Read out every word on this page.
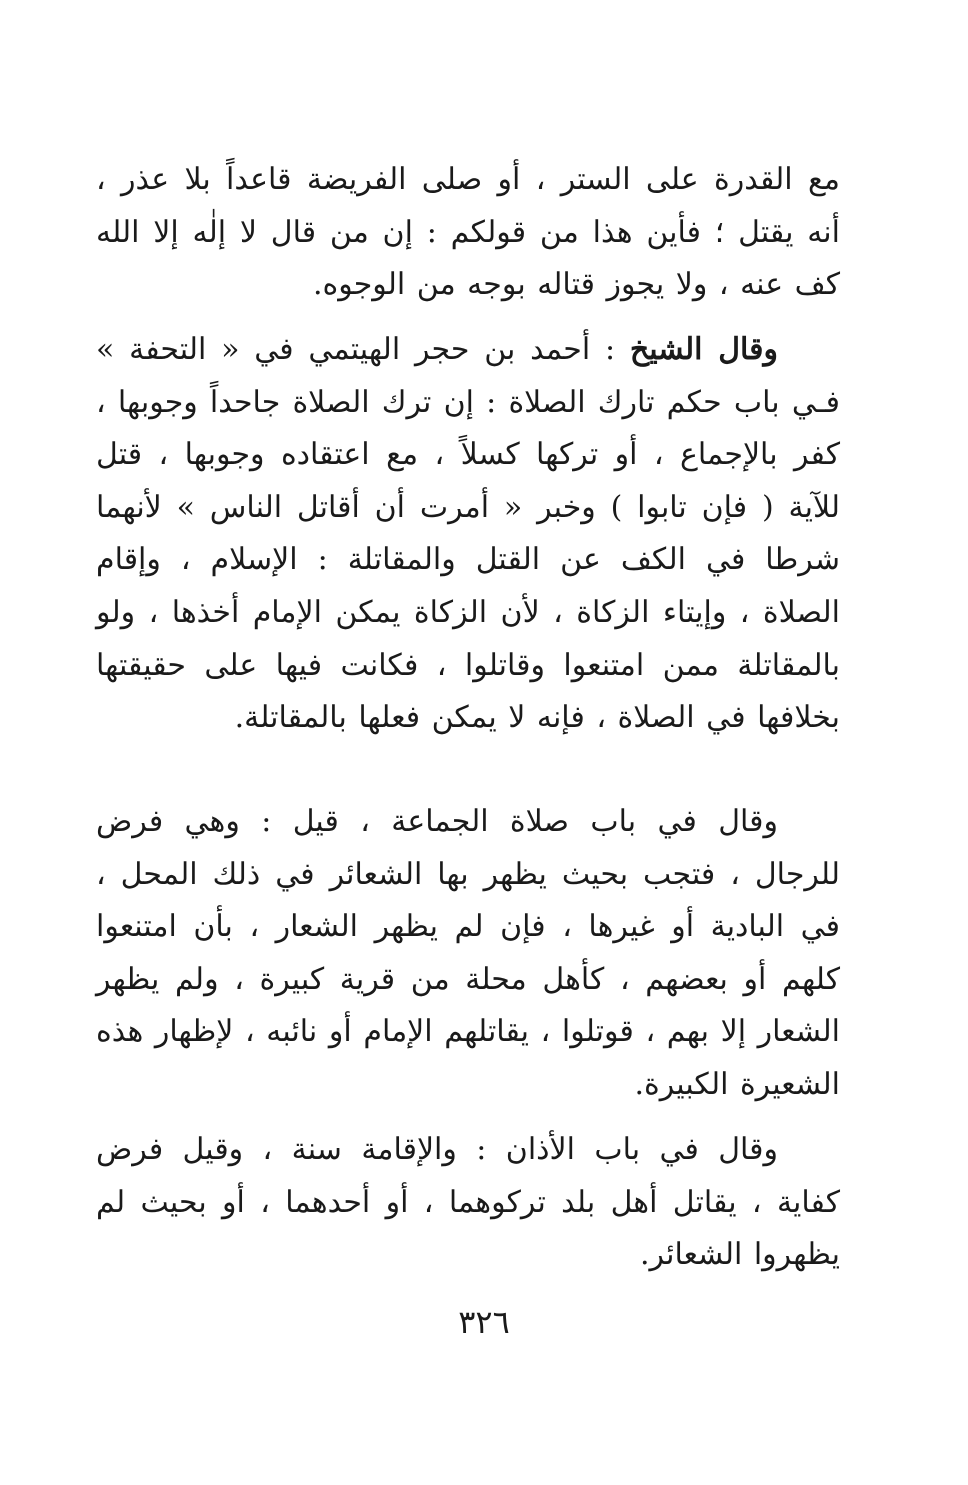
مع القدرة على الستر ، أو صلى الفريضة قاعداً بلا عذر ، أنه يقتل ؛ فأين هذا من قولكم : إن من قال لا إلٰه إلا الله كف عنه ، ولا يجوز قتاله بوجه من الوجوه.

وقال الشيخ : أحمد بن حجر الهيتمي في « التحفة » فـي باب حكم تارك الصلاة : إن ترك الصلاة جاحداً وجوبها ، كفر بالإجماع ، أو تركها كسلاً ، مع اعتقاده وجوبها ، قتل للآية ( فإن تابوا ) وخبر « أمرت أن أقاتل الناس » لأنهما شرطا في الكف عن القتل والمقاتلة : الإسلام ، وإقام الصلاة ، وإيتاء الزكاة ، لأن الزكاة يمكن الإمام أخذها ، ولو بالمقاتلة ممن امتنعوا وقاتلوا ، فكانت فيها على حقيقتها بخلافها في الصلاة ، فإنه لا يمكن فعلها بالمقاتلة.

وقال في باب صلاة الجماعة ، قيل : وهي فرض للرجال ، فتجب بحيث يظهر بها الشعائر في ذلك المحل ، في البادية أو غيرها ، فإن لم يظهر الشعار ، بأن امتنعوا كلهم أو بعضهم ، كأهل محلة من قرية كبيرة ، ولم يظهر الشعار إلا بهم ، قوتلوا ، يقاتلهم الإمام أو نائبه ، لإظهار هذه الشعيرة الكبيرة.

وقال في باب الأذان : والإقامة سنة ، وقيل فرض كفاية ، يقاتل أهل بلد تركوهما ، أو أحدهما ، أو بحيث لم يظهروا الشعائر.

٣٢٦
